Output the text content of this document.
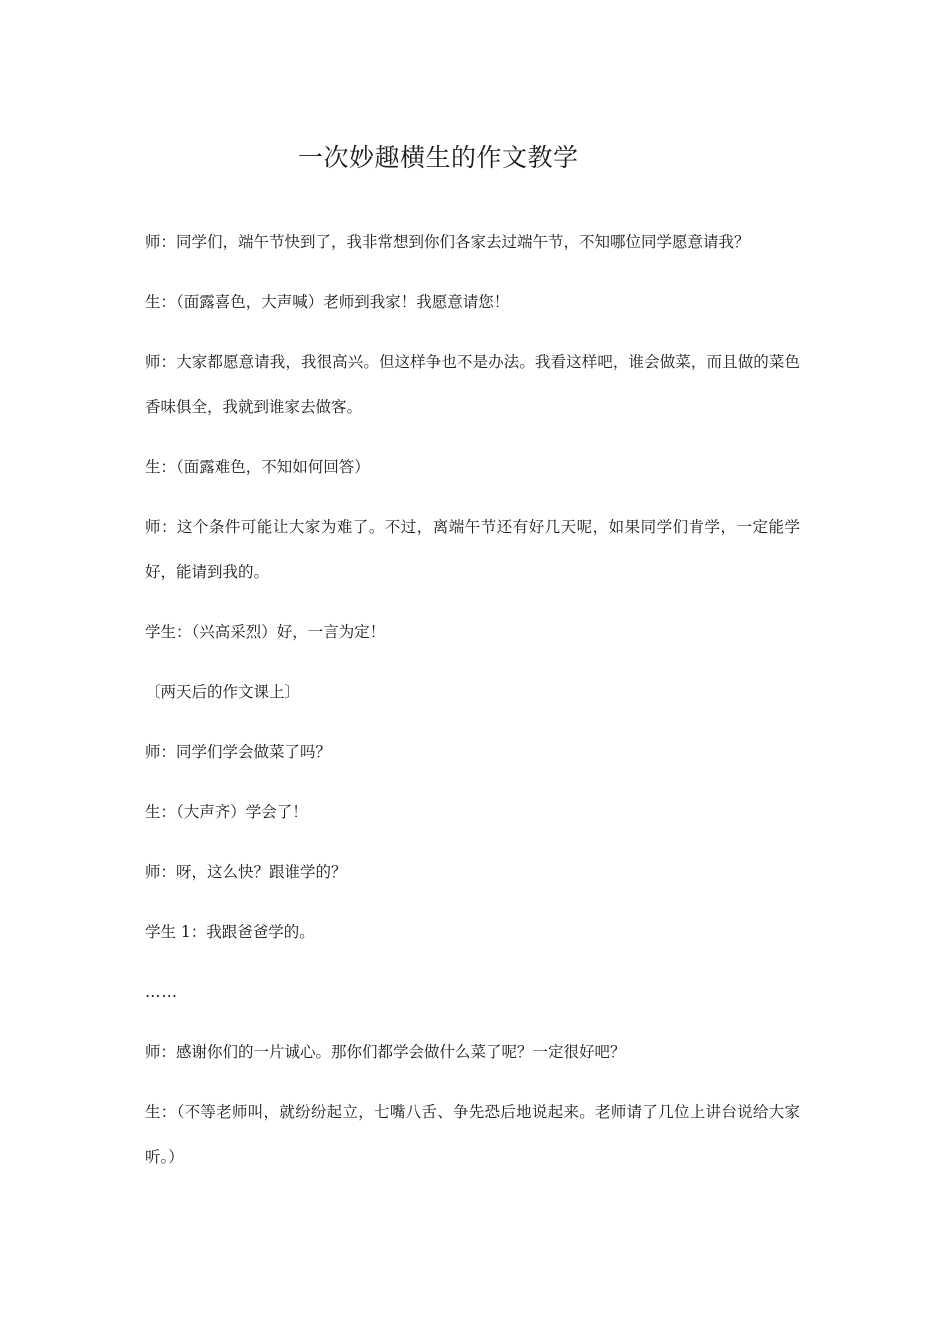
一次妙趣横生的作文教学

师：同学们，端午节快到了，我非常想到你们各家去过端午节，不知哪位同学愿意请我？

生：（面露喜色，大声喊）老师到我家！我愿意请您！

师：大家都愿意请我，我很高兴。但这样争也不是办法。我看这样吧，谁会做菜，而且做的菜色香味俱全，我就到谁家去做客。

生：（面露难色，不知如何回答）

师：这个条件可能让大家为难了。不过，离端午节还有好几天呢，如果同学们肯学，一定能学好，能请到我的。

学生：（兴高采烈）好，一言为定！

〔两天后的作文课上〕

师：同学们学会做菜了吗？

生：（大声齐）学会了！

师：呀，这么快？跟谁学的？

学生 1：我跟爸爸学的。

……

师：感谢你们的一片诚心。那你们都学会做什么菜了呢？一定很好吧？

生：（不等老师叫，就纷纷起立，七嘴八舌、争先恐后地说起来。老师请了几位上讲台说给大家听。）
